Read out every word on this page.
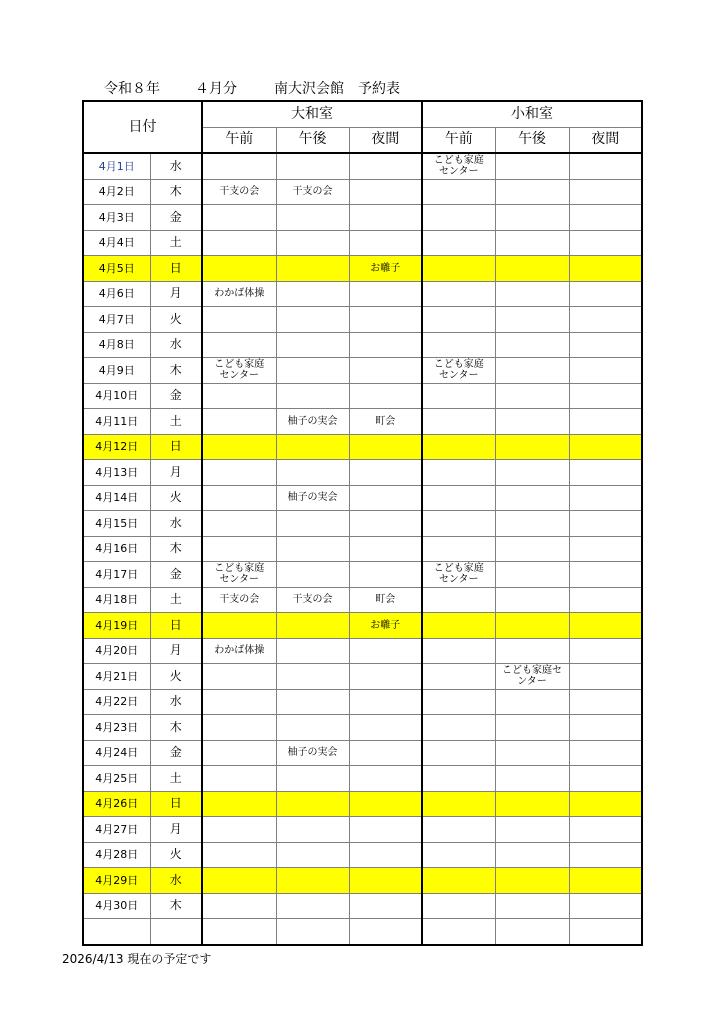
令和８年	４月分	南大沢会館　予約表
日付		大和室			小和室		
		午前	午後	夜間	午前	午後	夜間
4月1日	水				こども家庭
センター		
4月2日	木	干支の会	干支の会				
4月3日	金						
4月4日	土						
4月5日	日			お囃子			
4月6日	月	わかば体操					
4月7日	火						
4月8日	水						
4月9日	木	こども家庭
センター			こども家庭
センター		
4月10日	金						
4月11日	土		柚子の実会	町会			
4月12日	日						
4月13日	月						
4月14日	火		柚子の実会				
4月15日	水						
4月16日	木						
4月17日	金	こども家庭
センター			こども家庭
センター		
4月18日	土	干支の会	干支の会	町会			
4月19日	日			お囃子			
4月20日	月	わかば体操					
4月21日	火					こども家庭セ
ンター	
4月22日	水						
4月23日	木						
4月24日	金		柚子の実会				
4月25日	土						
4月26日	日						
4月27日	月						
4月28日	火						
4月29日	水						
4月30日	木						

2026/4/13 現在の予定です
